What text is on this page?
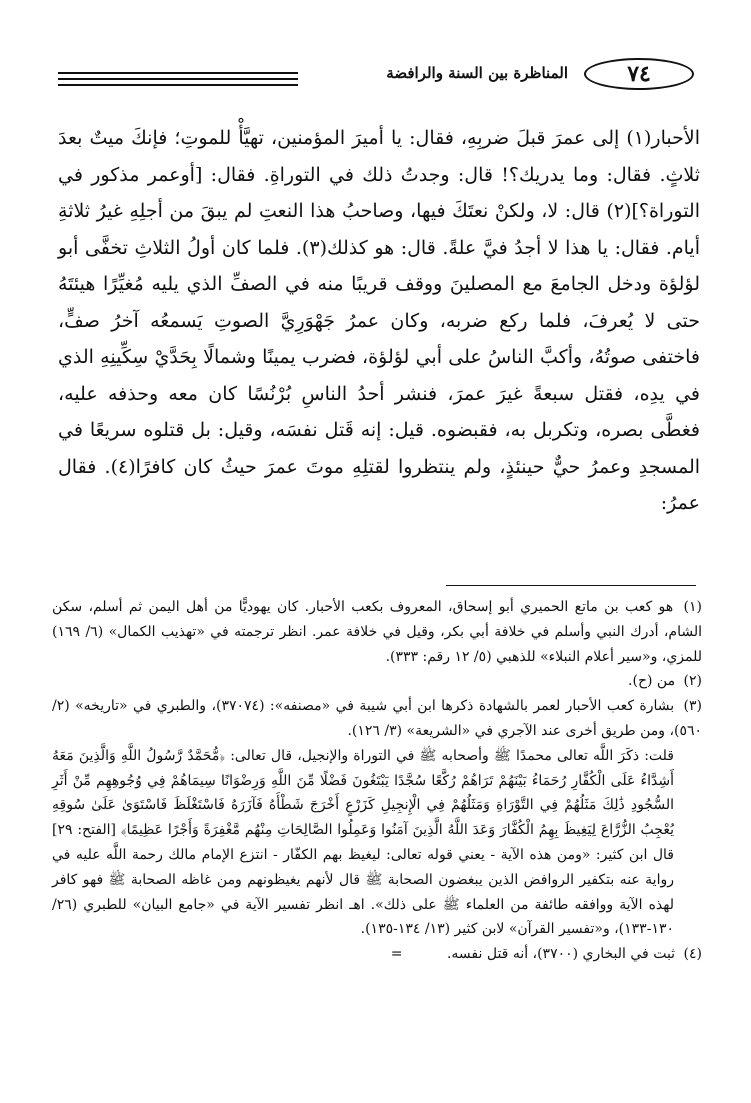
٧٤
المناظرة بين السنة والرافضة

الأحبار(١) إلى عمرَ قبلَ ضربِهِ، فقال: يا أميرَ المؤمنين، تهيَّأْ للموتِ؛ فإنكَ ميتٌ بعدَ ثلاثٍ. فقال: وما يدريك؟! قال: وجدتُ ذلك في التوراةِ. فقال: [أوعمر مذكور في التوراة؟](٢) قال: لا، ولكنْ نعتَكَ فيها، وصاحبُ هذا النعتِ لم يبقَ من أجلِهِ غيرُ ثلاثةِ أيام. فقال: يا هذا لا أجدُ فيَّ علةً. قال: هو كذلك(٣). فلما كان أولُ الثلاثِ تخفَّى أبو لؤلؤة ودخل الجامعَ مع المصلينَ ووقف قريبًا منه في الصفِّ الذي يليه مُغيِّرًا هيئتَهُ حتى لا يُعرفَ، فلما ركع ضربه، وكان عمرُ جَهْوَرِيَّ الصوتِ يَسمعُه آخرُ صفٍّ، فاختفى صوتُهُ، وأكبَّ الناسُ على أبي لؤلؤة، فضرب يمينًا وشمالًا بِحَدَّيْ سِكِّينِهِ الذي في يدِه، فقتل سبعةً غيرَ عمرَ، فنشر أحدُ الناسِ بُرْنُسًا كان معه وحذفه عليه، فغطَّى بصره، وتكربل به، فقبضوه. قيل: إنه قَتل نفسَه، وقيل: بل قتلوه سريعًا في المسجدِ وعمرُ حيٌّ حينئذٍ، ولم ينتظروا لقتلِهِ موتَ عمرَ حيثُ كان كافرًا(٤). فقال عمرُ:

(١) هو كعب بن ماتع الحميري أبو إسحاق، المعروف بكعب الأحبار. كان يهوديًّا من أهل اليمن ثم أسلم، سكن الشام، أدرك النبي وأسلم في خلافة أبي بكر، وقيل في خلافة عمر. انظر ترجمته في «تهذيب الكمال» (٦/ ١٦٩) للمزي، و«سير أعلام النبلاء» للذهبي (٥/ ١٢ رقم: ٣٣٣).

(٢) من (ح).

(٣) بشارة كعب الأحبار لعمر بالشهادة ذكرها ابن أبي شيبة في «مصنفه»: (٣٧٠٧٤)، والطبري في «تاريخه» (٢/ ٥٦٠)، ومن طريق أخرى عند الآجري في «الشريعة» (٣/ ١٢٦).

قلت: ذكَرَ اللَّه تعالى محمدًا ﷺ وأصحابه ﷺ في التوراة والإنجيل، قال تعالى: ﴿مُّحَمَّدٌ رَّسُولُ اللَّهِ وَالَّذِينَ مَعَهُ أَشِدَّاءُ عَلَى الْكُفَّارِ رُحَمَاءُ بَيْنَهُمْ تَرَاهُمْ رُكَّعًا سُجَّدًا يَبْتَغُونَ فَضْلًا مِّنَ اللَّهِ وَرِضْوَانًا سِيمَاهُمْ فِي وُجُوهِهِم مِّنْ أَثَرِ السُّجُودِ ذَٰلِكَ مَثَلُهُمْ فِي التَّوْرَاةِ وَمَثَلُهُمْ فِي الْإِنجِيلِ كَزَرْعٍ أَخْرَجَ شَطْأَهُ فَآزَرَهُ فَاسْتَغْلَظَ فَاسْتَوَىٰ عَلَىٰ سُوقِهِ يُعْجِبُ الزُّرَّاعَ لِيَغِيظَ بِهِمُ الْكُفَّارَ وَعَدَ اللَّهُ الَّذِينَ آمَنُوا وَعَمِلُوا الصَّالِحَاتِ مِنْهُم مَّغْفِرَةً وَأَجْرًا عَظِيمًا﴾ [الفتح: ٢٩] قال ابن كثير: «ومن هذه الآية - يعني قوله تعالى: ليغيظ بهم الكفّار - انتزع الإمام مالك رحمة اللَّه عليه في رواية عنه بتكفير الروافض الذين يبغضون الصحابة ﷺ قال لأنهم يغيظونهم ومن غاظه الصحابة ﷺ فهو كافر لهذه الآية ووافقه طائفة من العلماء ﷺ على ذلك». اهـ انظر تفسير الآية في «جامع البيان» للطبري (٢٦/ ١٣٠-١٣٣)، و«تفسير القرآن» لابن كثير (١٣/ ١٣٤-١٣٥).

(٤) ثبت في البخاري (٣٧٠٠)، أنه قتل نفسه. =
